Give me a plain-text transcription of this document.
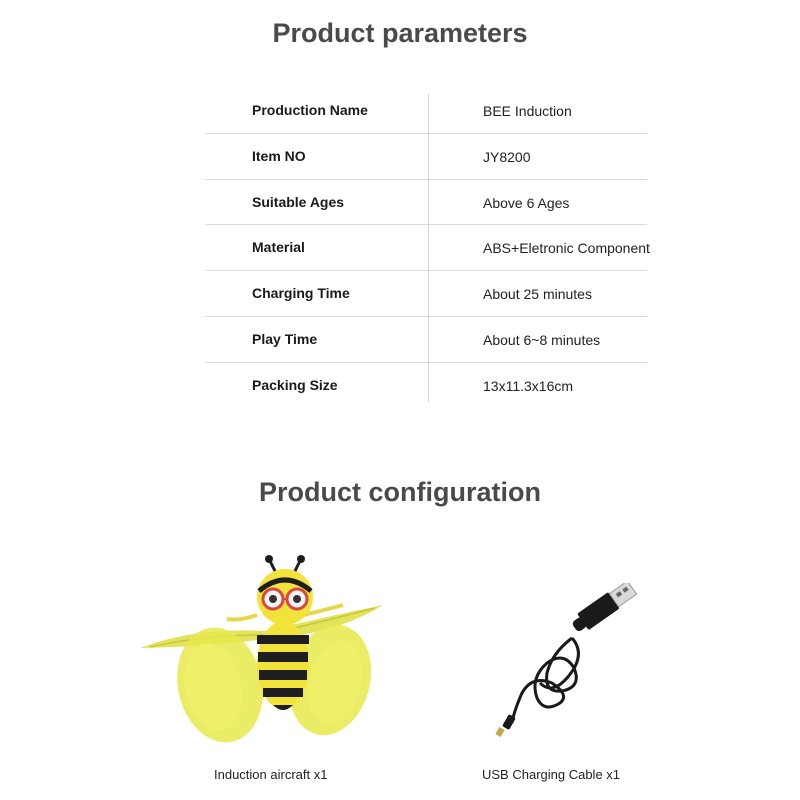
Product parameters
Production Name	BEE Induction
Item NO	JY8200
Suitable Ages	Above 6 Ages
Material	ABS+Eletronic Component
Charging Time	About 25 minutes
Play Time	About 6~8 minutes
Packing Size	13x11.3x16cm
Product configuration
Induction aircraft x1	USB Charging Cable x1
